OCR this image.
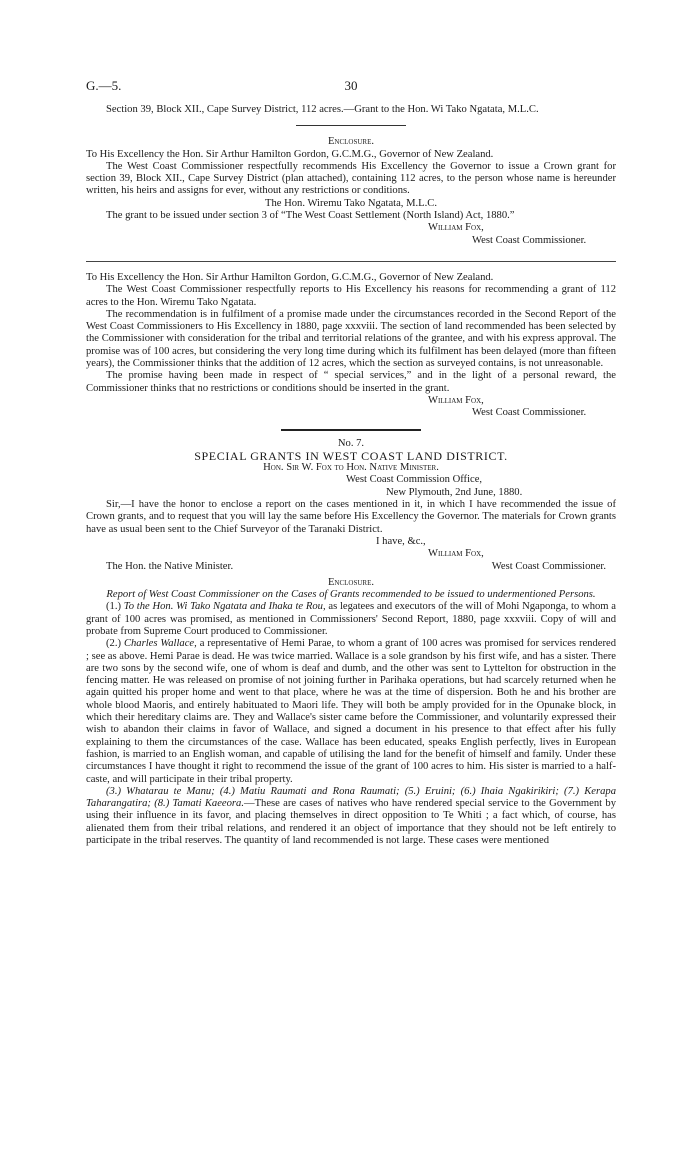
G.—5.	30

Section 39, Block XII., Cape Survey District, 112 acres.—Grant to the Hon. Wi Tako Ngatata, M.L.C.

Enclosure.

To His Excellency the Hon. Sir Arthur Hamilton Gordon, G.C.M.G., Governor of New Zealand.

The West Coast Commissioner respectfully recommends His Excellency the Governor to issue a Crown grant for section 39, Block XII., Cape Survey District (plan attached), containing 112 acres, to the person whose name is hereunder written, his heirs and assigns for ever, without any restrictions or conditions.

The Hon. Wiremu Tako Ngatata, M.L.C.

The grant to be issued under section 3 of “The West Coast Settlement (North Island) Act, 1880.”

William Fox,

West Coast Commissioner.

To His Excellency the Hon. Sir Arthur Hamilton Gordon, G.C.M.G., Governor of New Zealand.

The West Coast Commissioner respectfully reports to His Excellency his reasons for recommending a grant of 112 acres to the Hon. Wiremu Tako Ngatata.

The recommendation is in fulfilment of a promise made under the circumstances recorded in the Second Report of the West Coast Commissioners to His Excellency in 1880, page xxxviii. The section of land recommended has been selected by the Commissioner with consideration for the tribal and territorial relations of the grantee, and with his express approval. The promise was of 100 acres, but considering the very long time during which its fulfilment has been delayed (more than fifteen years), the Commissioner thinks that the addition of 12 acres, which the section as surveyed contains, is not unreasonable.

The promise having been made in respect of “ special services,” and in the light of a personal reward, the Commissioner thinks that no restrictions or conditions should be inserted in the grant.

William Fox,

West Coast Commissioner.

No. 7.

SPECIAL GRANTS IN WEST COAST LAND DISTRICT.

Hon. Sir W. Fox to Hon. Native Minister.

West Coast Commission Office,

New Plymouth, 2nd June, 1880.

Sir,—I have the honor to enclose a report on the cases mentioned in it, in which I have recommended the issue of Crown grants, and to request that you will lay the same before His Excellency the Governor. The materials for Crown grants have as usual been sent to the Chief Surveyor of the Taranaki District.

I have, &c.,

William Fox,

The Hon. the Native Minister.	West Coast Commissioner.

Enclosure.

Report of West Coast Commissioner on the Cases of Grants recommended to be issued to undermentioned Persons.

(1.) To the Hon. Wi Tako Ngatata and Ihaka te Rou, as legatees and executors of the will of Mohi Ngaponga, to whom a grant of 100 acres was promised, as mentioned in Commissioners' Second Report, 1880, page xxxviii. Copy of will and probate from Supreme Court produced to Commissioner.

(2.) Charles Wallace, a representative of Hemi Parae, to whom a grant of 100 acres was promised for services rendered ; see as above. Hemi Parae is dead. He was twice married. Wallace is a sole grandson by his first wife, and has a sister. There are two sons by the second wife, one of whom is deaf and dumb, and the other was sent to Lyttelton for obstruction in the fencing matter. He was released on promise of not joining further in Parihaka operations, but had scarcely returned when he again quitted his proper home and went to that place, where he was at the time of dispersion. Both he and his brother are whole blood Maoris, and entirely habituated to Maori life. They will both be amply provided for in the Opunake block, in which their hereditary claims are. They and Wallace's sister came before the Commissioner, and voluntarily expressed their wish to abandon their claims in favor of Wallace, and signed a document in his presence to that effect after his fully explaining to them the circumstances of the case. Wallace has been educated, speaks English perfectly, lives in European fashion, is married to an English woman, and capable of utilising the land for the benefit of himself and family. Under these circumstances I have thought it right to recommend the issue of the grant of 100 acres to him. His sister is married to a half-caste, and will participate in their tribal property.

(3.) Whatarau te Manu; (4.) Matiu Raumati and Rona Raumati; (5.) Eruini; (6.) Ihaia Ngakirikiri; (7.) Kerapa Taharangatira; (8.) Tamati Kaeeora.—These are cases of natives who have rendered special service to the Government by using their influence in its favor, and placing themselves in direct opposition to Te Whiti ; a fact which, of course, has alienated them from their tribal relations, and rendered it an object of importance that they should not be left entirely to participate in the tribal reserves. The quantity of land recommended is not large. These cases were mentioned
